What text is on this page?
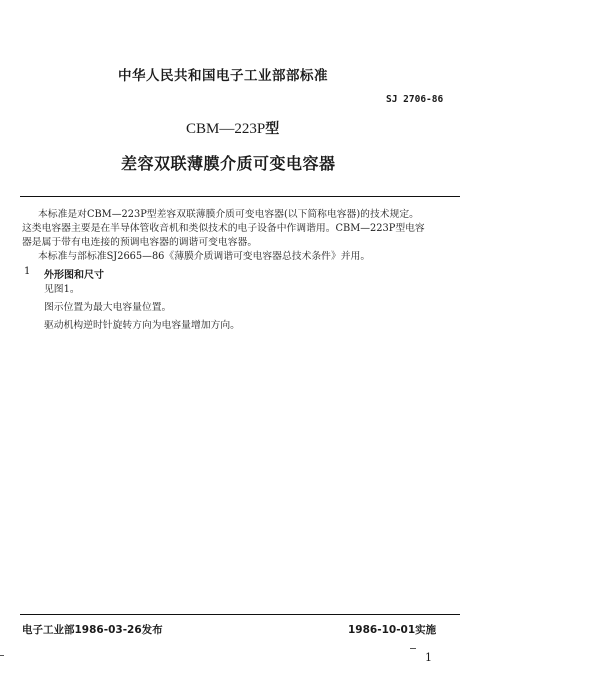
中华人民共和国电子工业部部标准
SJ 2706-86
CBM—223P型
差容双联薄膜介质可变电容器
本标准是对CBM—223P型差容双联薄膜介质可变电容器(以下简称电容器)的技术规定。
这类电容器主要是在半导体管收音机和类似技术的电子设备中作调谐用。CBM—223P型电容
器是属于带有电连接的预调电容器的调谐可变电容器。
本标准与部标准SJ2665—86《薄膜介质调谐可变电容器总技术条件》并用。
1 外形图和尺寸
见图1。
图示位置为最大电容量位置。
驱动机构逆时针旋转方向为电容量增加方向。
电子工业部1986-03-26发布	1986-10-01实施
1
